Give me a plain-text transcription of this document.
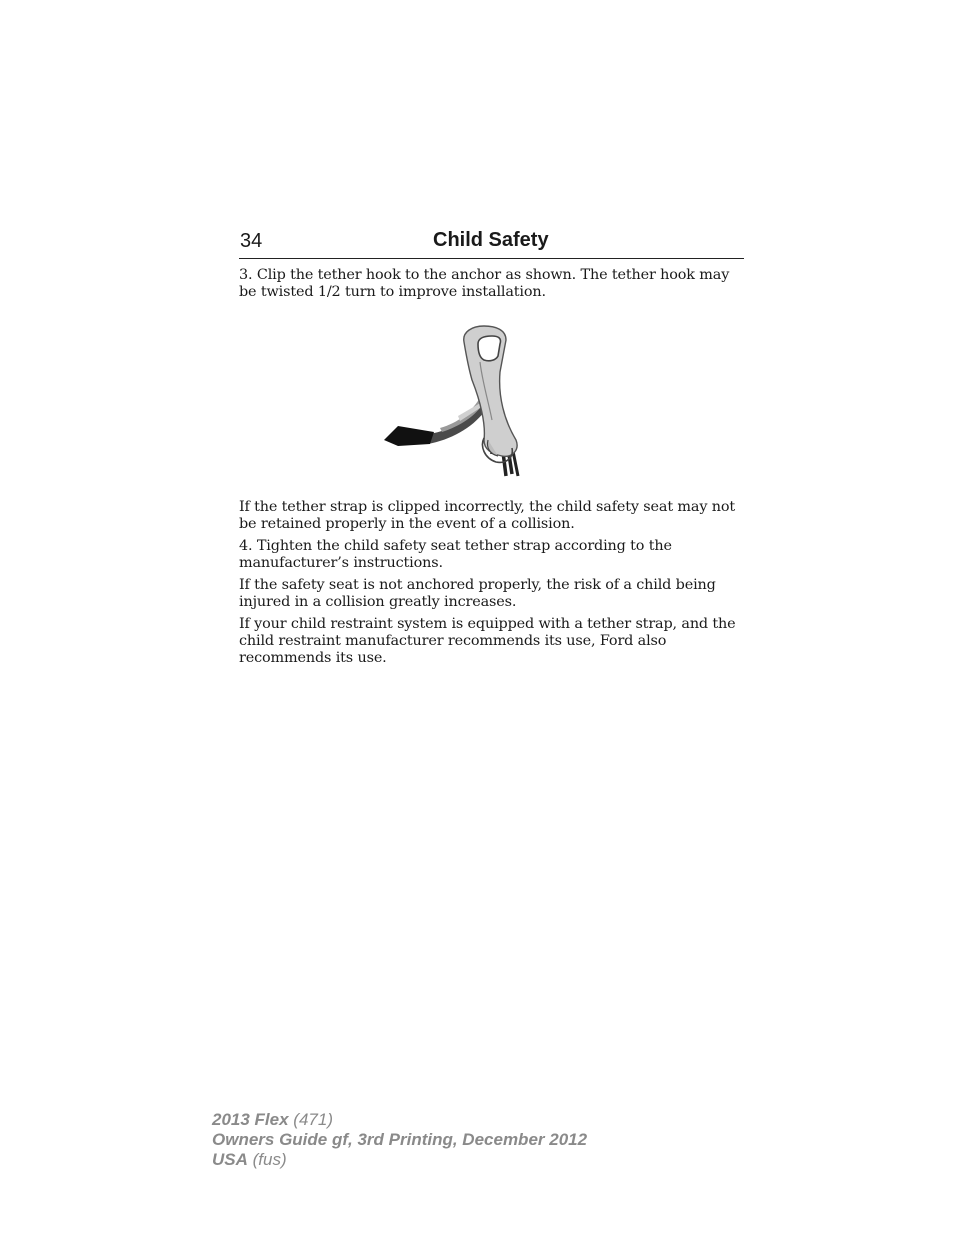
34	Child Safety

3. Clip the tether hook to the anchor as shown. The tether hook may be twisted 1/2 turn to improve installation.

If the tether strap is clipped incorrectly, the child safety seat may not be retained properly in the event of a collision.

4. Tighten the child safety seat tether strap according to the manufacturer’s instructions.

If the safety seat is not anchored properly, the risk of a child being injured in a collision greatly increases.

If your child restraint system is equipped with a tether strap, and the child restraint manufacturer recommends its use, Ford also recommends its use.

2013 Flex (471)
Owners Guide gf, 3rd Printing, December 2012
USA (fus)
